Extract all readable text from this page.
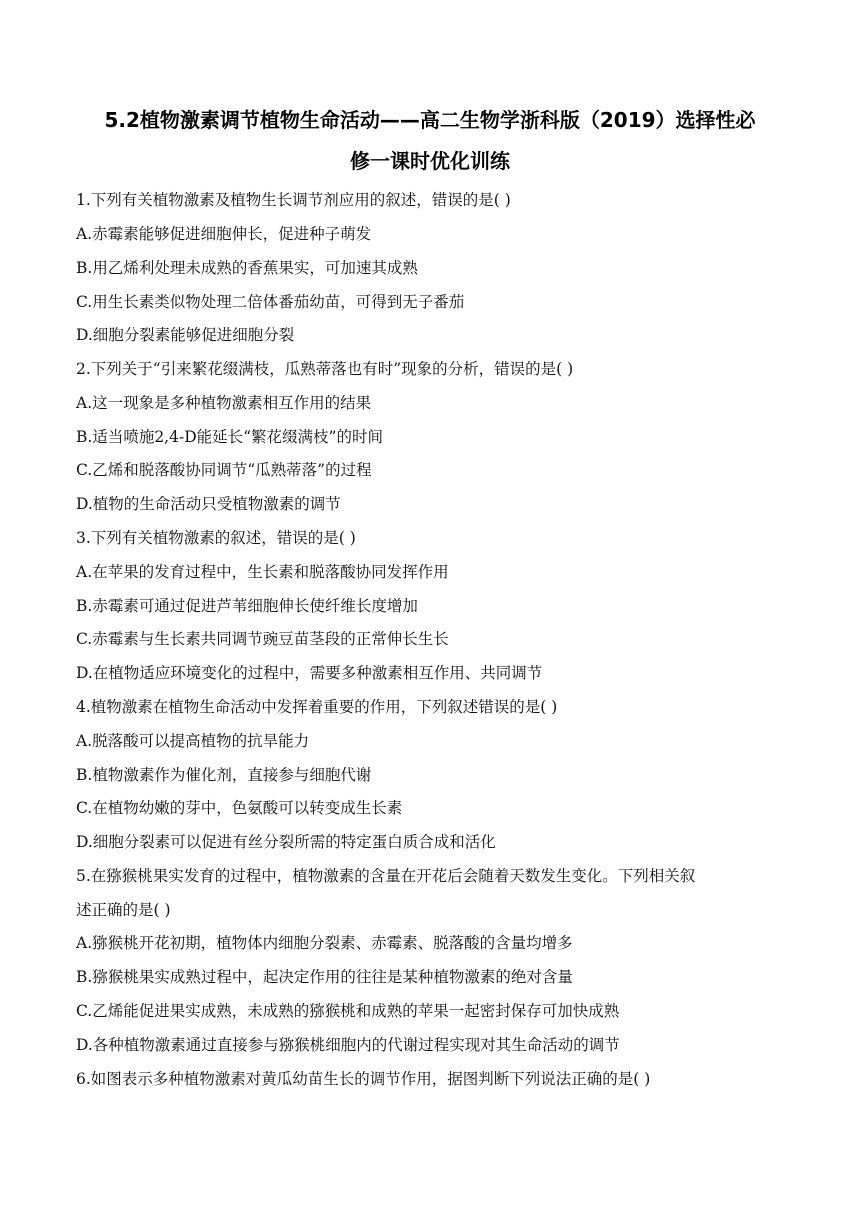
5.2植物激素调节植物生命活动——高二生物学浙科版（2019）选择性必
修一课时优化训练
1.下列有关植物激素及植物生长调节剂应用的叙述，错误的是( )
A.赤霉素能够促进细胞伸长，促进种子萌发
B.用乙烯利处理未成熟的香蕉果实，可加速其成熟
C.用生长素类似物处理二倍体番茄幼苗，可得到无子番茄
D.细胞分裂素能够促进细胞分裂
2.下列关于“引来繁花缀满枝，瓜熟蒂落也有时”现象的分析，错误的是( )
A.这一现象是多种植物激素相互作用的结果
B.适当喷施2,4-D能延长“繁花缀满枝”的时间
C.乙烯和脱落酸协同调节“瓜熟蒂落”的过程
D.植物的生命活动只受植物激素的调节
3.下列有关植物激素的叙述，错误的是( )
A.在苹果的发育过程中，生长素和脱落酸协同发挥作用
B.赤霉素可通过促进芦苇细胞伸长使纤维长度增加
C.赤霉素与生长素共同调节豌豆苗茎段的正常伸长生长
D.在植物适应环境变化的过程中，需要多种激素相互作用、共同调节
4.植物激素在植物生命活动中发挥着重要的作用，下列叙述错误的是( )
A.脱落酸可以提高植物的抗旱能力
B.植物激素作为催化剂，直接参与细胞代谢
C.在植物幼嫩的芽中，色氨酸可以转变成生长素
D.细胞分裂素可以促进有丝分裂所需的特定蛋白质合成和活化
5.在猕猴桃果实发育的过程中，植物激素的含量在开花后会随着天数发生变化。下列相关叙
述正确的是( )
A.猕猴桃开花初期，植物体内细胞分裂素、赤霉素、脱落酸的含量均增多
B.猕猴桃果实成熟过程中，起决定作用的往往是某种植物激素的绝对含量
C.乙烯能促进果实成熟，未成熟的猕猴桃和成熟的苹果一起密封保存可加快成熟
D.各种植物激素通过直接参与猕猴桃细胞内的代谢过程实现对其生命活动的调节
6.如图表示多种植物激素对黄瓜幼苗生长的调节作用，据图判断下列说法正确的是( )
